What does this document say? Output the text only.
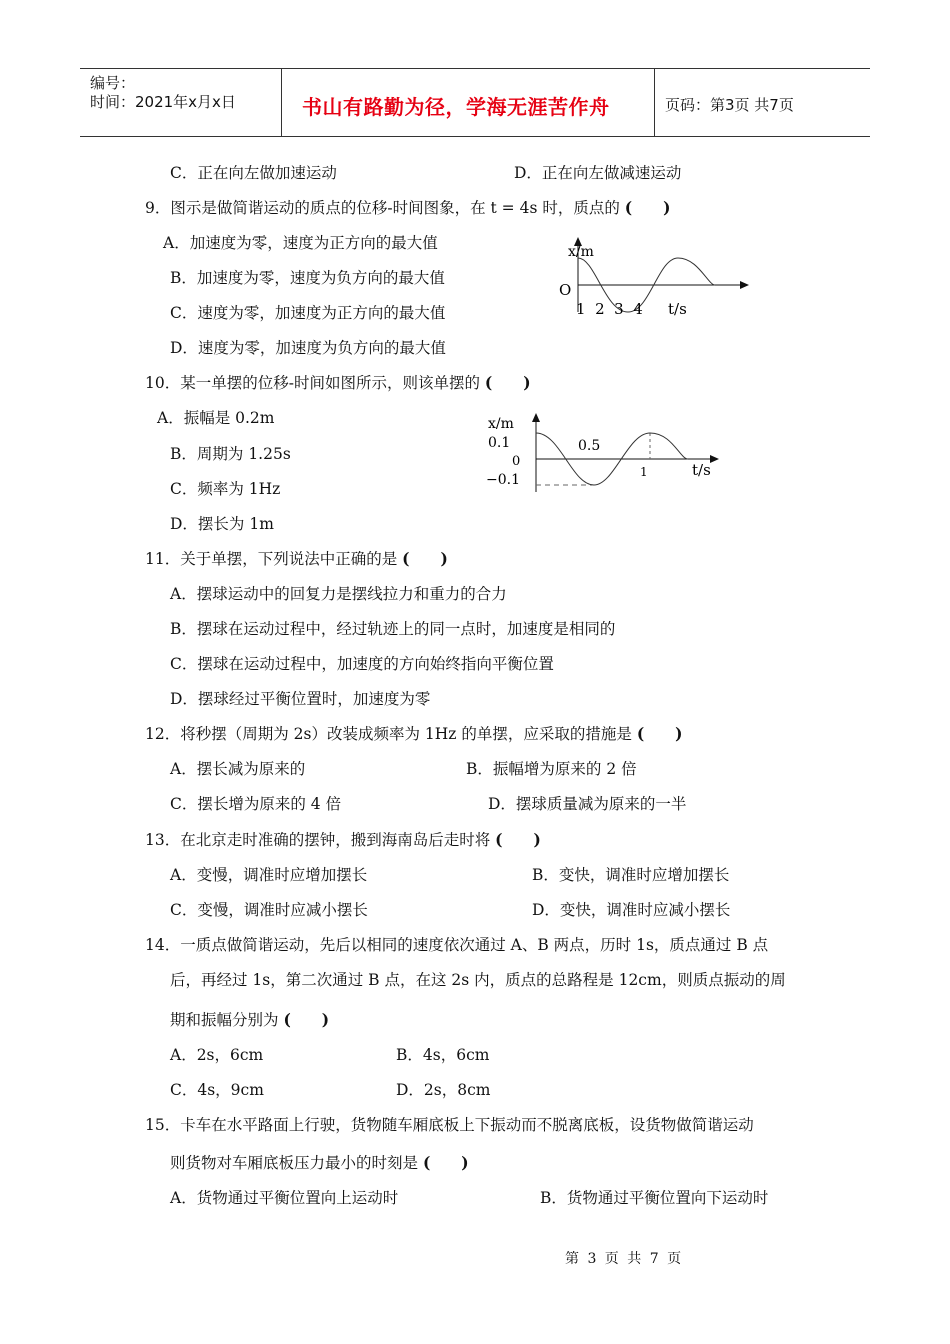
编号：
时间：2021年x月x日	书山有路勤为径，学海无涯苦作舟	页码：第3页 共7页
C．正在向左做加速运动	D．正在向左做减速运动
9．图示是做简谐运动的质点的位移-时间图象，在 t = 4s 时，质点的 (　　)
A．加速度为零，速度为正方向的最大值
B．加速度为零，速度为负方向的最大值
C．速度为零，加速度为正方向的最大值
D．速度为零，加速度为负方向的最大值
x/m
O
1  2  3  4 t/s
10．某一单摆的位移-时间如图所示，则该单摆的 (　　)
A．振幅是 0.2m
B．周期为 1.25s
C．频率为 1Hz
D．摆长为 1m
x/m
0.1
0
−0.1
0.5
1	t/s
11．关于单摆，下列说法中正确的是 (　　)
A．摆球运动中的回复力是摆线拉力和重力的合力
B．摆球在运动过程中，经过轨迹上的同一点时，加速度是相同的
C．摆球在运动过程中，加速度的方向始终指向平衡位置
D．摆球经过平衡位置时，加速度为零
12．将秒摆（周期为 2s）改装成频率为 1Hz 的单摆，应采取的措施是 (　　)
A．摆长减为原来的	B．振幅增为原来的 2 倍
C．摆长增为原来的 4 倍	D．摆球质量减为原来的一半
13．在北京走时准确的摆钟，搬到海南岛后走时将 (　　)
A．变慢，调准时应增加摆长	B．变快，调准时应增加摆长
C．变慢，调准时应减小摆长	D．变快，调准时应减小摆长
14．一质点做简谐运动，先后以相同的速度依次通过 A、B 两点，历时 1s，质点通过 B 点
后，再经过 1s，第二次通过 B 点，在这 2s 内，质点的总路程是 12cm，则质点振动的周
期和振幅分别为 (　　)
A．2s，6cm	B．4s，6cm
C．4s，9cm	D．2s，8cm
15．卡车在水平路面上行驶，货物随车厢底板上下振动而不脱离底板，设货物做简谐运动
则货物对车厢底板压力最小的时刻是 (　　)
A．货物通过平衡位置向上运动时	B．货物通过平衡位置向下运动时
第 3 页 共 7 页
